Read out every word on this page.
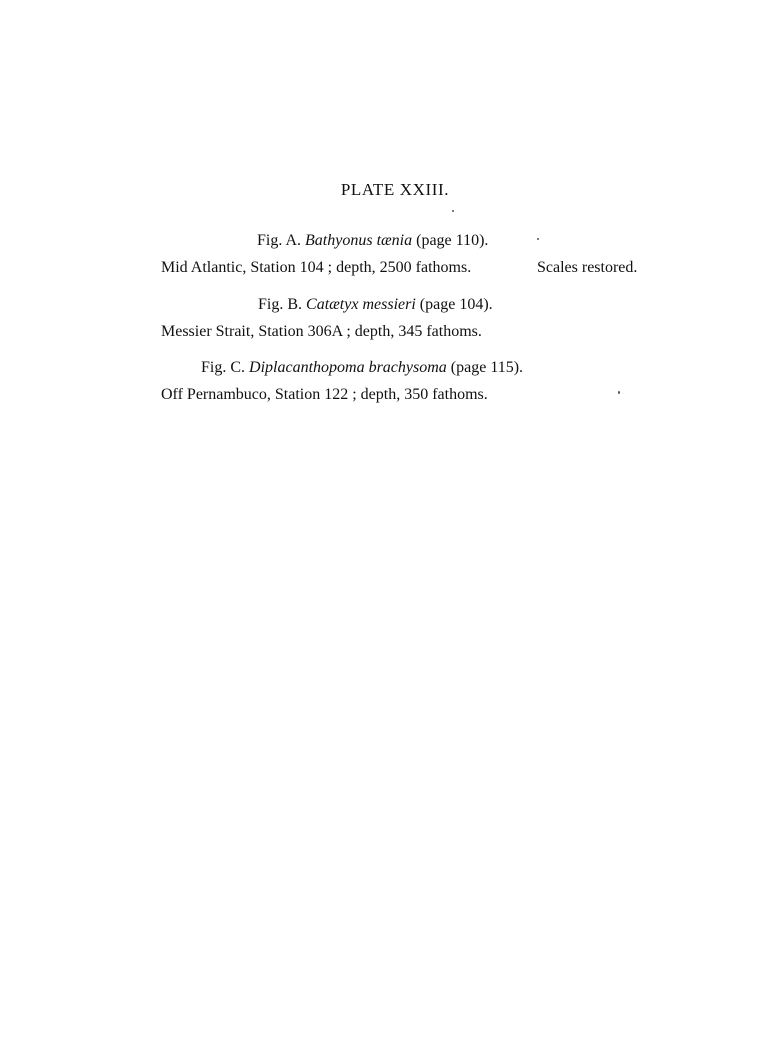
PLATE XXIII.
Fig. A. Bathyonus tænia (page 110).
Mid Atlantic, Station 104 ; depth, 2500 fathoms.	Scales restored.
Fig. B. Catætyx messieri (page 104).
Messier Strait, Station 306A ; depth, 345 fathoms.
Fig. C. Diplacanthopoma brachysoma (page 115).
Off Pernambuco, Station 122 ; depth, 350 fathoms.
